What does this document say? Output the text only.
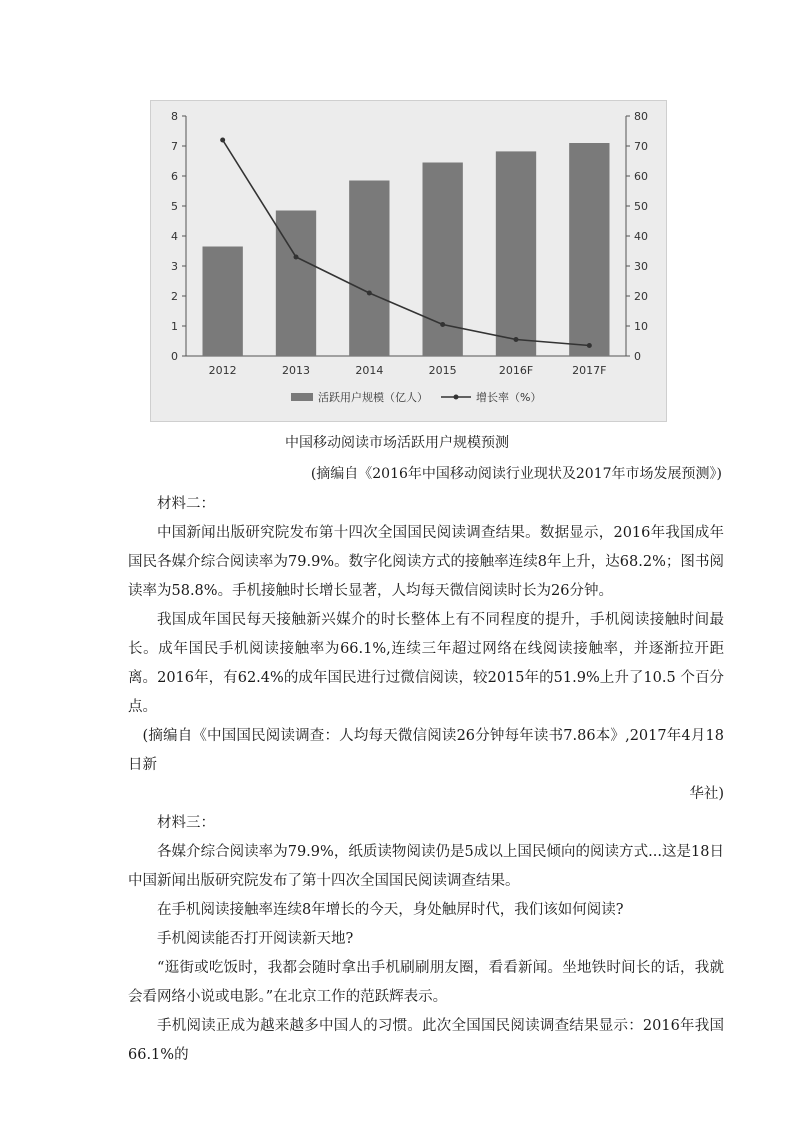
0
1
2
3
4
5
6
7
8
0
10
20
30
40
50
60
70
80
2012	2013	2014	2015	2016F	2017F
活跃用户规模（亿人）	增长率（%）
中国移动阅读市场活跃用户规模预测
(摘编自《2016年中国移动阅读行业现状及2017年市场发展预测》)

材料二：

中国新闻出版研究院发布第十四次全国国民阅读调查结果。数据显示，2016年我国成年国民各媒介综合阅读率为79.9%。数字化阅读方式的接触率连续8年上升，达68.2%；图书阅读率为58.8%。手机接触时长增长显著，人均每天微信阅读时长为26分钟。

我国成年国民每天接触新兴媒介的时长整体上有不同程度的提升，手机阅读接触时间最长。成年国民手机阅读接触率为66.1%,连续三年超过网络在线阅读接触率，并逐渐拉开距离。2016年，有62.4%的成年国民进行过微信阅读，较2015年的51.9%上升了10.5 个百分点。

(摘编自《中国国民阅读调查：人均每天微信阅读26分钟每年读书7.86本》,2017年4月18日新

华社)

材料三：

各媒介综合阅读率为79.9%，纸质读物阅读仍是5成以上国民倾向的阅读方式...这是18日中国新闻出版研究院发布了第十四次全国国民阅读调查结果。

在手机阅读接触率连续8年增长的今天，身处触屏时代，我们该如何阅读?

手机阅读能否打开阅读新天地?

“逛街或吃饭时，我都会随时拿出手机刷刷朋友圈，看看新闻。坐地铁时间长的话，我就会看网络小说或电影。”在北京工作的范跃辉表示。

手机阅读正成为越来越多中国人的习惯。此次全国国民阅读调查结果显示：2016年我国66.1%的
